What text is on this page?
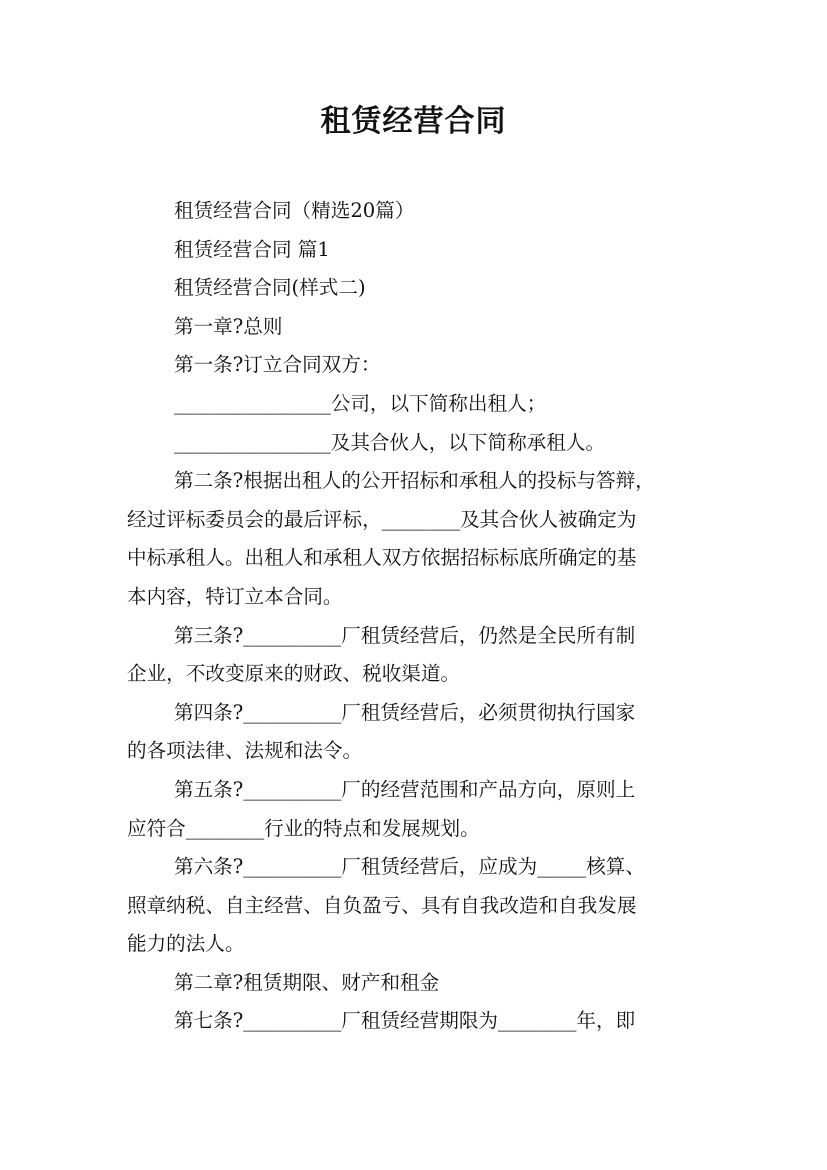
租赁经营合同
租赁经营合同（精选20篇）
租赁经营合同 篇1
租赁经营合同(样式二)
第一章?总则
第一条?订立合同双方：
________________公司，以下简称出租人；
________________及其合伙人，以下简称承租人。
第二条?根据出租人的公开招标和承租人的投标与答辩，
经过评标委员会的最后评标，________及其合伙人被确定为
中标承租人。出租人和承租人双方依据招标标底所确定的基
本内容，特订立本合同。
第三条?__________厂租赁经营后，仍然是全民所有制
企业，不改变原来的财政、税收渠道。
第四条?__________厂租赁经营后，必须贯彻执行国家
的各项法律、法规和法令。
第五条?__________厂的经营范围和产品方向，原则上
应符合________行业的特点和发展规划。
第六条?__________厂租赁经营后，应成为_____核算、
照章纳税、自主经营、自负盈亏、具有自我改造和自我发展
能力的法人。
第二章?租赁期限、财产和租金
第七条?__________厂租赁经营期限为________年，即
